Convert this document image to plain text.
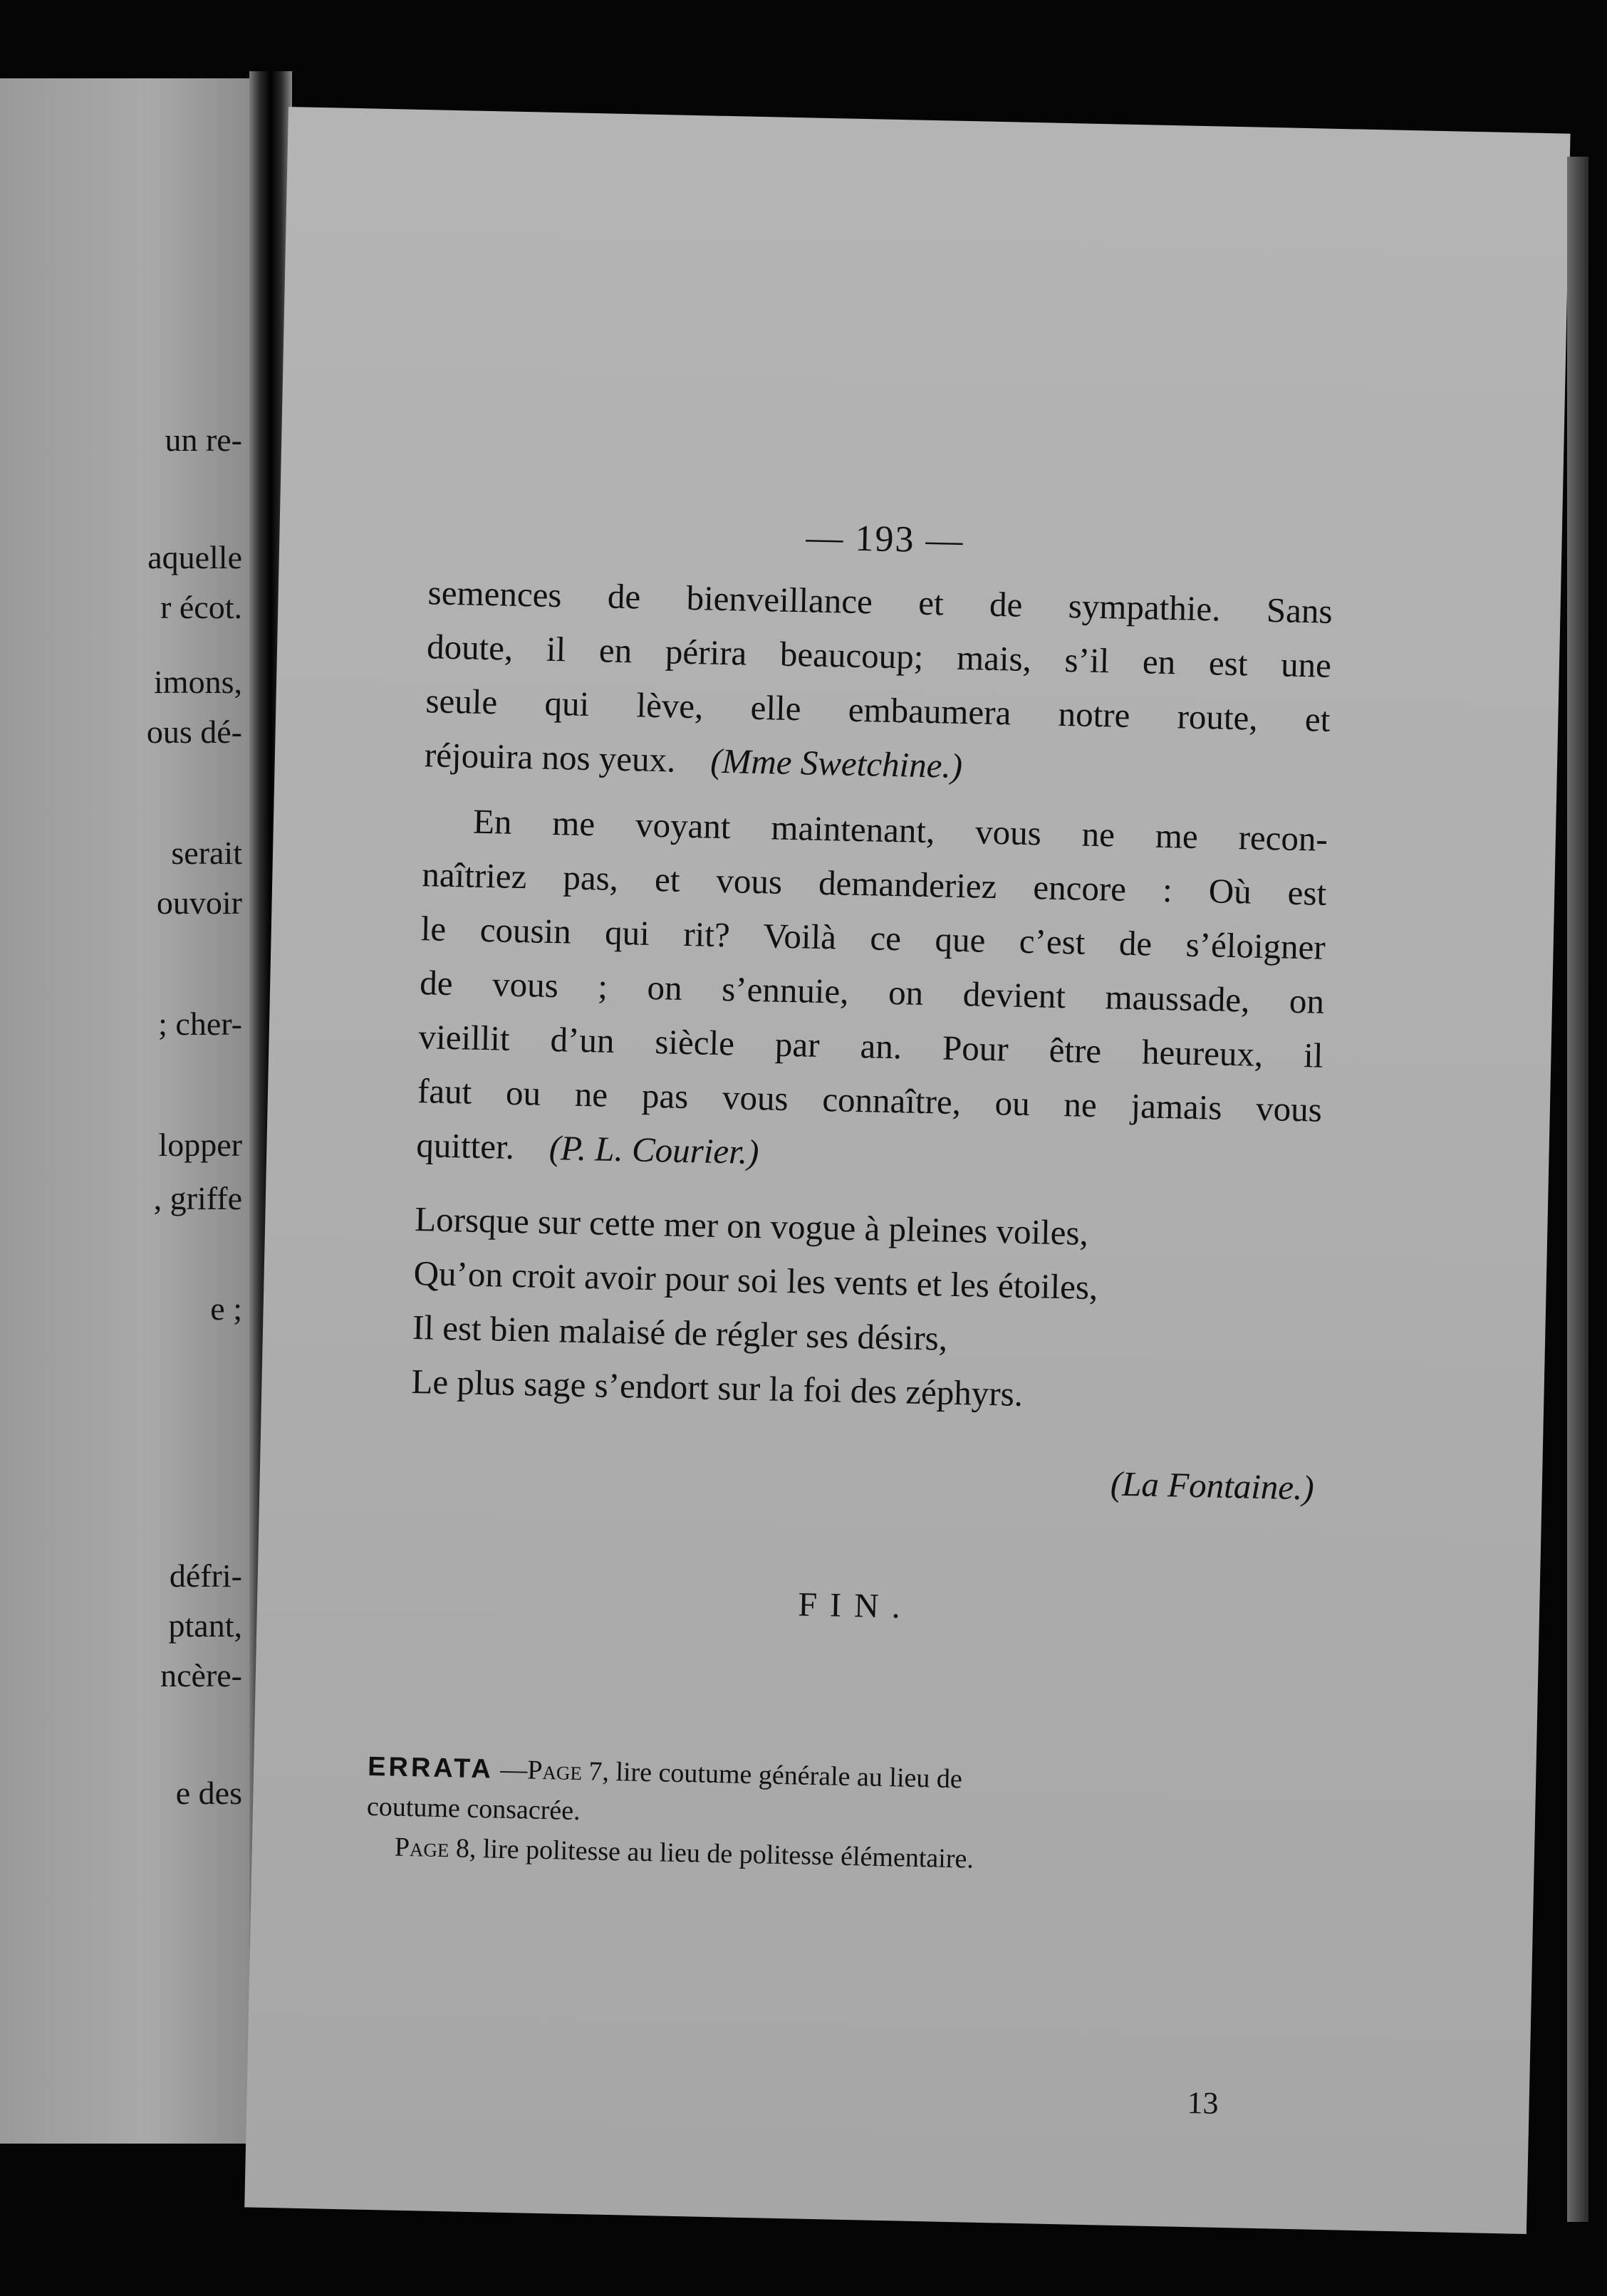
un re-
aquelle
r écot.
imons,
ous dé-
serait
ouvoir
; cher-
lopper
, griffe
e ;
défri-
ptant,
ncère-
e des
— 193 —
semences de bienveillance et de sympathie. Sans
doute, il en périra beaucoup; mais, s’il en est une
seule qui lève, elle embaumera notre route, et
réjouira nos yeux. (Mme Swetchine.)
En me voyant maintenant, vous ne me recon-
naîtriez pas, et vous demanderiez encore : Où est
le cousin qui rit? Voilà ce que c’est de s’éloigner
de vous ; on s’ennuie, on devient maussade, on
vieillit d’un siècle par an. Pour être heureux, il
faut ou ne pas vous connaître, ou ne jamais vous
quitter. (P. L. Courier.)
Lorsque sur cette mer on vogue à pleines voiles,
Qu’on croit avoir pour soi les vents et les étoiles,
Il est bien malaisé de régler ses désirs,
Le plus sage s’endort sur la foi des zéphyrs.
(La Fontaine.)
FIN.
ERRATA —Page 7, lire coutume générale au lieu de
coutume consacrée.
Page 8, lire politesse au lieu de politesse élémentaire.
13
